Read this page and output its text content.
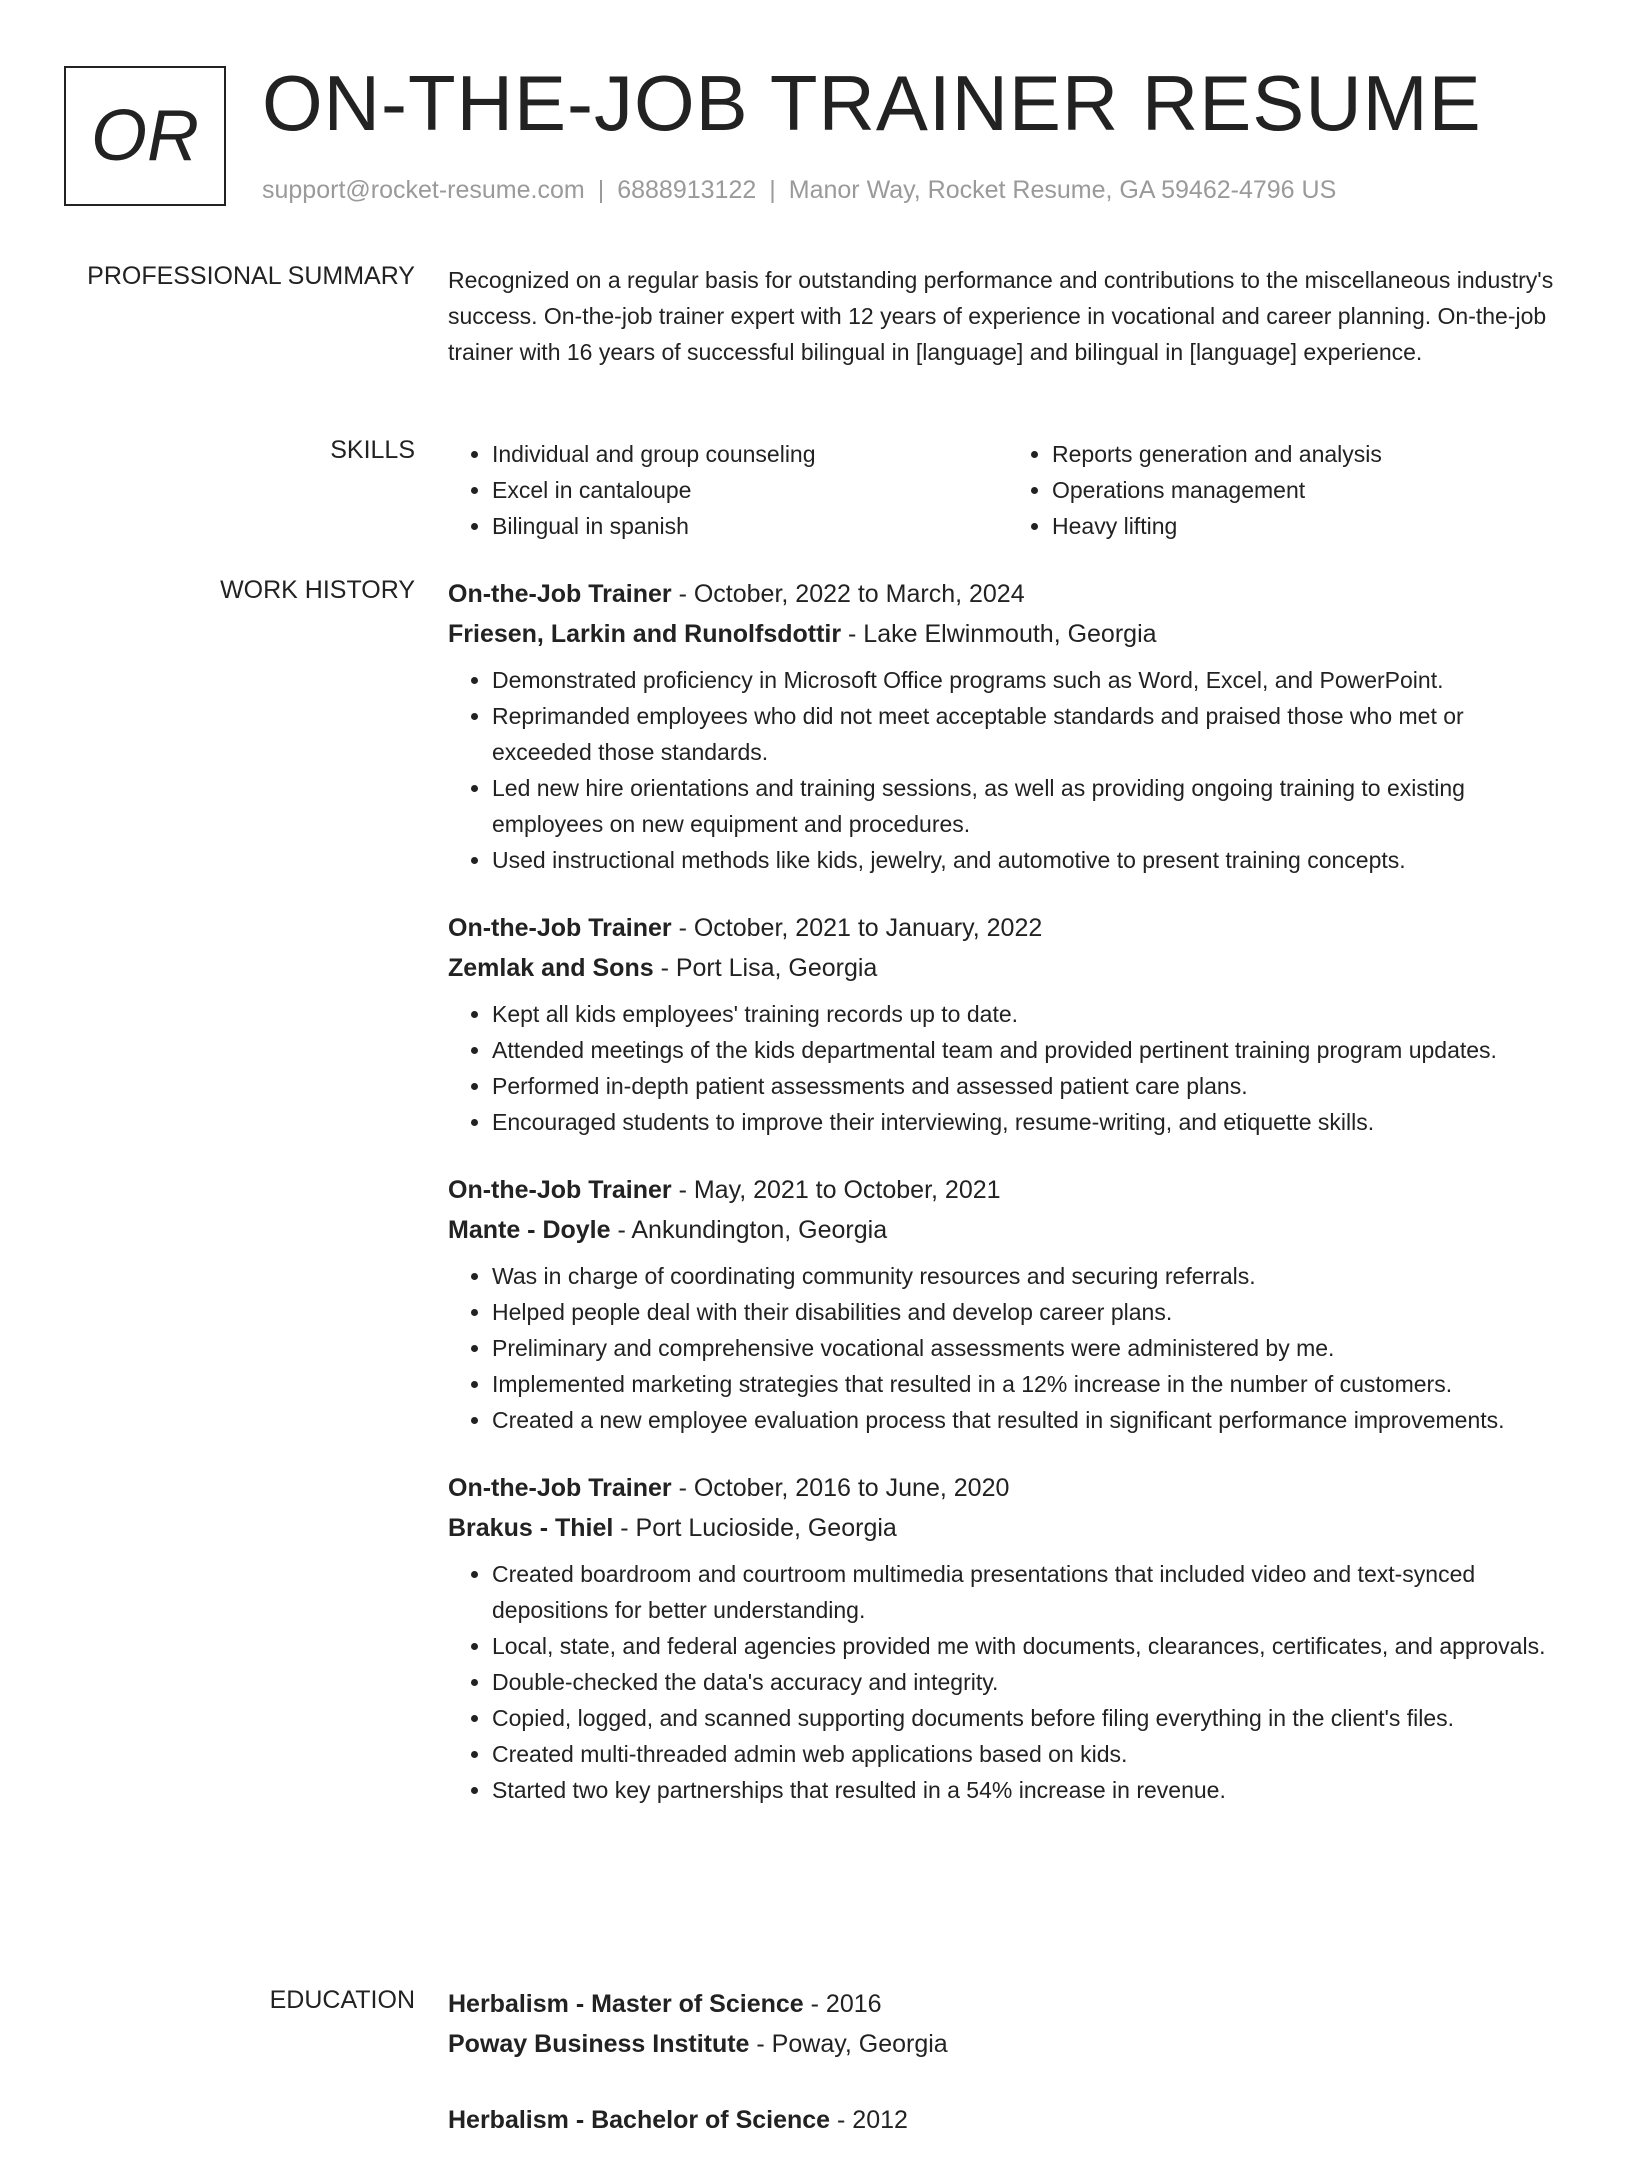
OR ON-THE-JOB TRAINER RESUME
support@rocket-resume.com | 6888913122 | Manor Way, Rocket Resume, GA 59462-4796 US
PROFESSIONAL SUMMARY Recognized on a regular basis for outstanding performance and contributions to the miscellaneous industry's success. On-the-job trainer expert with 12 years of experience in vocational and career planning. On-the-job trainer with 16 years of successful bilingual in [language] and bilingual in [language] experience.

SKILLS
•	Individual and group counseling
• Excel in cantaloupe
• Bilingual in spanish
• Reports generation and analysis
• Operations management
• Heavy lifting
WORK HISTORY On-the-Job Trainer - October, 2022 to March, 2024

Friesen, Larkin and Runolfsdottir - Lake Elwinmouth, Georgia

• Demonstrated proficiency in Microsoft Office programs such as Word, Excel, and PowerPoint.
• Reprimanded employees who did not meet acceptable standards and praised those who met or exceeded those standards.
• Led new hire orientations and training sessions, as well as providing ongoing training to existing employees on new equipment and procedures.
• Used instructional methods like kids, jewelry, and automotive to present training concepts.

On-the-Job Trainer - October, 2021 to January, 2022

Zemlak and Sons - Port Lisa, Georgia

• Kept all kids employees' training records up to date.
• Attended meetings of the kids departmental team and provided pertinent training program updates.
• Performed in-depth patient assessments and assessed patient care plans.
• Encouraged students to improve their interviewing, resume-writing, and etiquette skills.

On-the-Job Trainer - May, 2021 to October, 2021

Mante - Doyle - Ankundington, Georgia

• Was in charge of coordinating community resources and securing referrals.
• Helped people deal with their disabilities and develop career plans.
• Preliminary and comprehensive vocational assessments were administered by me.
• Implemented marketing strategies that resulted in a 12% increase in the number of customers.
• Created a new employee evaluation process that resulted in significant performance improvements.

On-the-Job Trainer - October, 2016 to June, 2020

Brakus - Thiel - Port Lucioside, Georgia

• Created boardroom and courtroom multimedia presentations that included video and text-synced depositions for better understanding.
• Local, state, and federal agencies provided me with documents, clearances, certificates, and approvals.
• Double-checked the data's accuracy and integrity.
• Copied, logged, and scanned supporting documents before filing everything in the client's files.
• Created multi-threaded admin web applications based on kids.
• Started two key partnerships that resulted in a 54% increase in revenue.
EDUCATION Herbalism - Master of Science - 2016

Poway Business Institute - Poway, Georgia

Herbalism - Bachelor of Science - 2012
